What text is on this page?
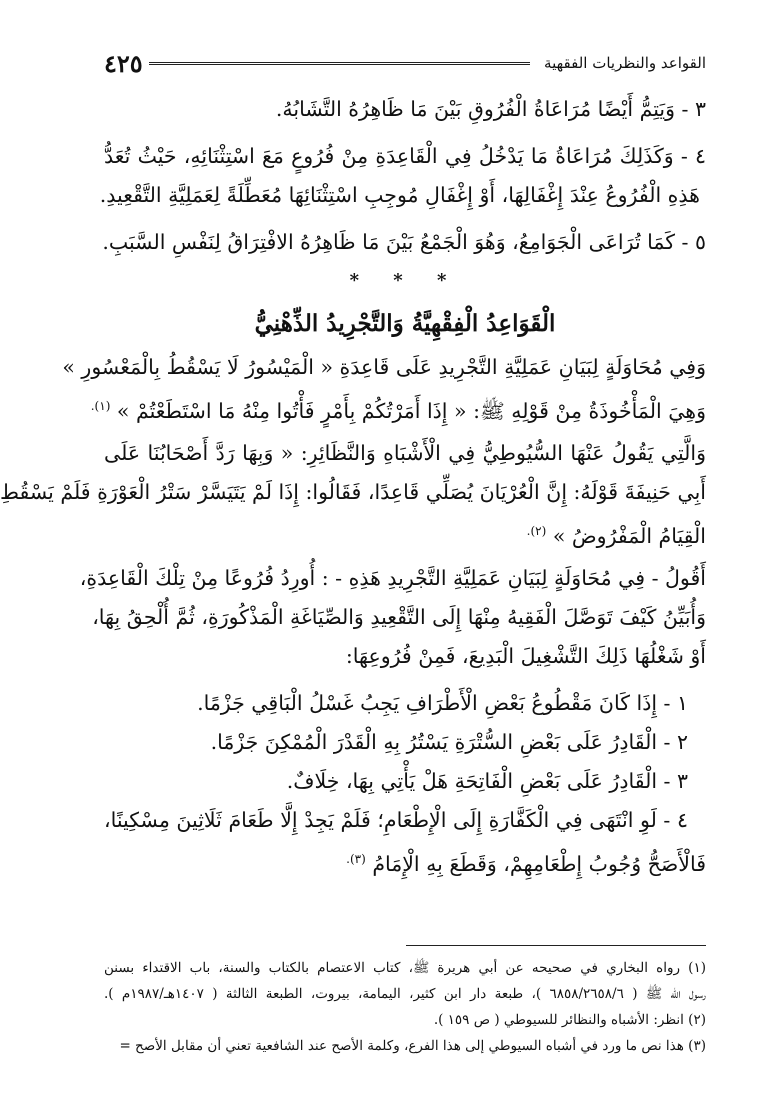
القواعد والنظريات الفقهية
٤٢٥
٣ - وَيَتِمُّ أَيْضًا مُرَاعَاةُ الْفُرُوقِ بَيْنَ مَا ظَاهِرُهُ التَّشَابُهُ.
٤ - وَكَذَلِكَ مُرَاعَاةُ مَا يَدْخُلُ فِي الْقَاعِدَةِ مِنْ فُرُوعٍ مَعَ اسْتِثْنَائِهِ، حَيْثُ تُعَدُّ
هَذِهِ الْفُرُوعُ عِنْدَ إِغْفَالِهَا، أَوْ إِغْفَالِ مُوجِبِ اسْتِثْنَائِهَا مُعَطِّلَةً لِعَمَلِيَّةِ التَّقْعِيدِ.
٥ - كَمَا تُرَاعَى الْجَوَامِعُ، وَهُوَ الْجَمْعُ بَيْنَ مَا ظَاهِرُهُ الافْتِرَاقُ لِنَفْسِ السَّبَبِ.
* * *
الْقَوَاعِدُ الْفِقْهِيَّةُ وَالتَّجْرِيدُ الذِّهْنِيُّ
وَفِي مُحَاوَلَةٍ لِبَيَانِ عَمَلِيَّةِ التَّجْرِيدِ عَلَى قَاعِدَةِ « الْمَيْسُورُ لَا يَسْقُطُ بِالْمَعْسُورِ »
وَهِيَ الْمَأْخُوذَةُ مِنْ قَوْلِهِ ﷺ: « إِذَا أَمَرْتُكُمْ بِأَمْرٍ فَأْتُوا مِنْهُ مَا اسْتَطَعْتُمْ » $^{(١).}$
وَالَّتِي يَقُولُ عَنْهَا السُّيُوطِيُّ فِي الْأَشْبَاهِ وَالنَّظَائِرِ: « وَبِهَا رَدَّ أَصْحَابُنَا عَلَى
أَبِي حَنِيفَةَ قَوْلَهُ: إِنَّ الْعُرْيَانَ يُصَلِّي قَاعِدًا، فَقَالُوا: إِذَا لَمْ يَتَيَسَّرْ سَتْرُ الْعَوْرَةِ فَلَمْ يَسْقُطِ
الْقِيَامُ الْمَفْرُوضُ » $^{(٢).}$
أَقُولُ - فِي مُحَاوَلَةٍ لِبَيَانِ عَمَلِيَّةِ التَّجْرِيدِ هَذِهِ - : أُورِدُ فُرُوعًا مِنْ تِلْكَ الْقَاعِدَةِ،
وَأُبَيِّنُ كَيْفَ تَوَصَّلَ الْفَقِيهُ مِنْهَا إِلَى التَّقْعِيدِ وَالصِّيَاغَةِ الْمَذْكُورَةِ، ثُمَّ أُلْحِقُ بِهَا،
أَوْ شَغْلُهَا ذَلِكَ التَّشْغِيلَ الْبَدِيعَ، فَمِنْ فُرُوعِهَا:
١ - إِذَا كَانَ مَقْطُوعُ بَعْضِ الْأَطْرَافِ يَجِبُ غَسْلُ الْبَاقِي جَزْمًا.
٢ - الْقَادِرُ عَلَى بَعْضِ السُّتْرَةِ يَسْتُرُ بِهِ الْقَدْرَ الْمُمْكِنَ جَزْمًا.
٣ - الْقَادِرُ عَلَى بَعْضِ الْفَاتِحَةِ هَلْ يَأْتِي بِهَا، خِلَافٌ.
٤ - لَوِ انْتَهَى فِي الْكَفَّارَةِ إِلَى الْإِطْعَامِ؛ فَلَمْ يَجِدْ إِلَّا طَعَامَ ثَلَاثِينَ مِسْكِينًا،
فَالْأَصَحُّ وُجُوبُ إِطْعَامِهِمْ، وَقَطَعَ بِهِ الْإِمَامُ $^{(٣).}$
(١) رواه البخاري في صحيحه عن أبي هريرة ﷺ، كتاب الاعتصام بالكتاب والسنة، باب الاقتداء بسنن
رسول الله ﷺ ( ٦٨٥٨/٢٦٥٨/٦ )، طبعة دار ابن كثير، اليمامة، بيروت، الطبعة الثالثة ( ١٤٠٧هـ/١٩٨٧م ).
(٢) انظر: الأشباه والنظائر للسيوطي ( ص ١٥٩ ).
(٣) هذا نص ما ورد في أشباه السيوطي إلى هذا الفرع، وكلمة الأصح عند الشافعية تعني أن مقابل الأصح =
